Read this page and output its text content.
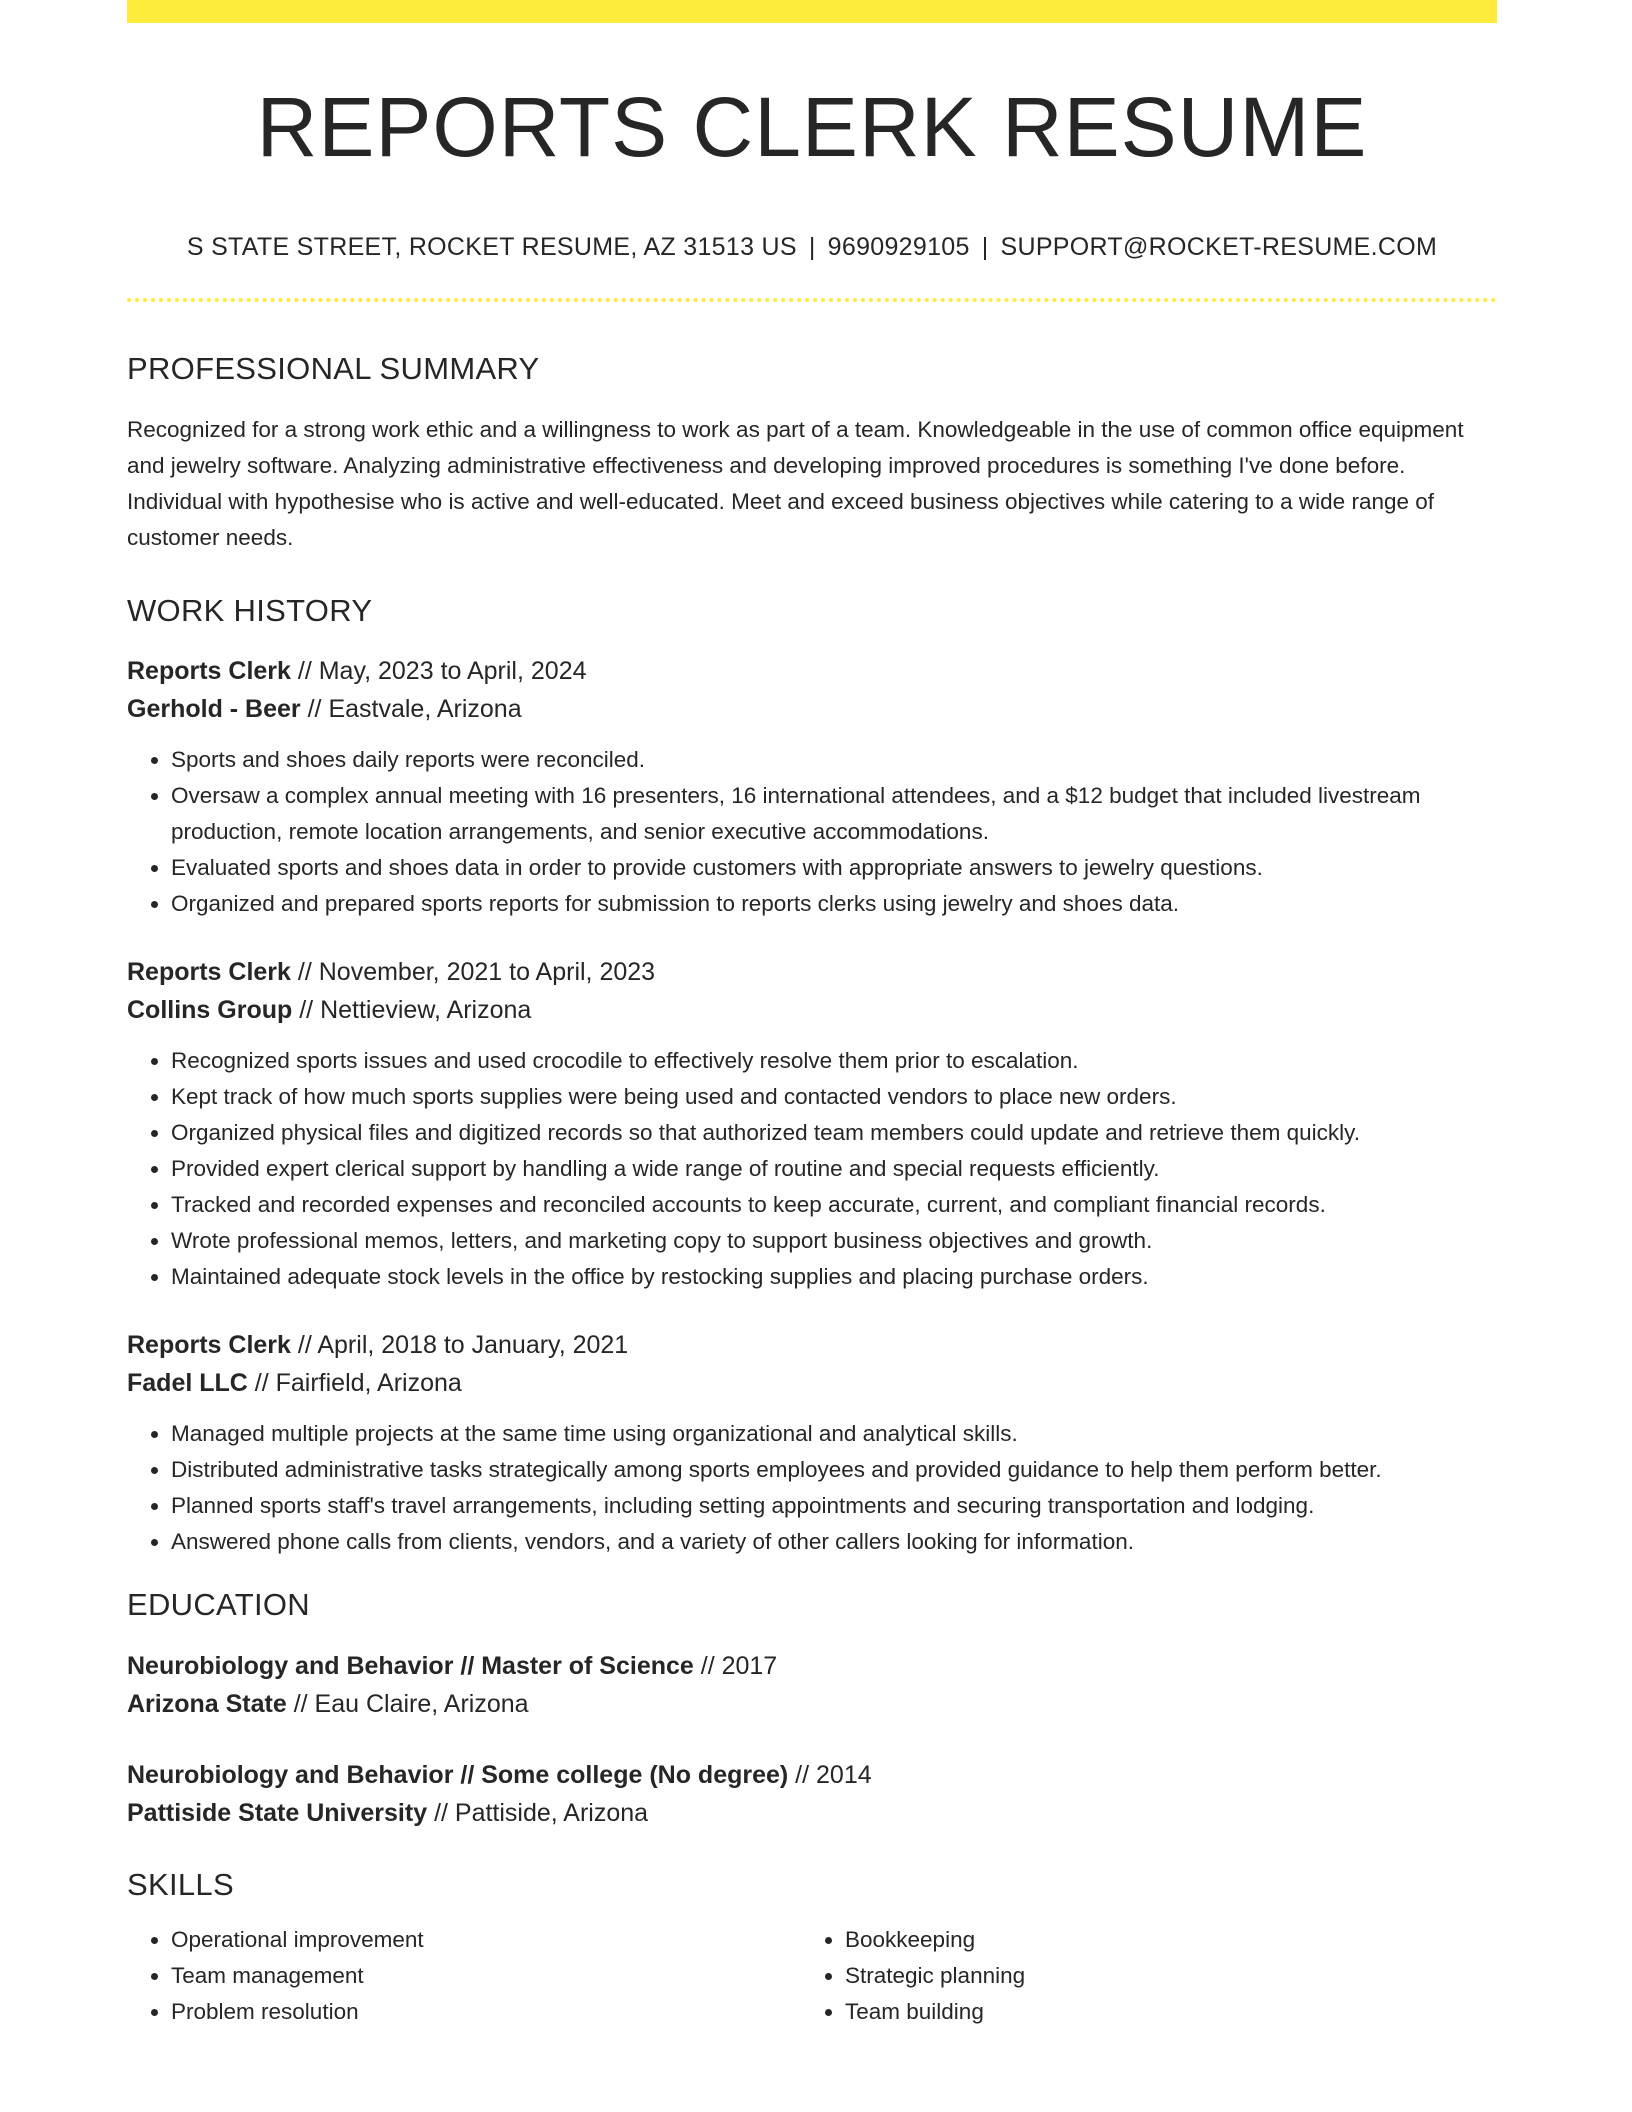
REPORTS CLERK RESUME
S STATE STREET, ROCKET RESUME, AZ 31513 US | 9690929105 | SUPPORT@ROCKET-RESUME.COM
PROFESSIONAL SUMMARY

Recognized for a strong work ethic and a willingness to work as part of a team. Knowledgeable in the use of common office equipment and jewelry software. Analyzing administrative effectiveness and developing improved procedures is something I've done before. Individual with hypothesise who is active and well-educated. Meet and exceed business objectives while catering to a wide range of customer needs.

WORK HISTORY
Reports Clerk // May, 2023 to April, 2024
Gerhold - Beer // Eastvale, Arizona
• Sports and shoes daily reports were reconciled.
• Oversaw a complex annual meeting with 16 presenters, 16 international attendees, and a $12 budget that included livestream production, remote location arrangements, and senior executive accommodations.
• Evaluated sports and shoes data in order to provide customers with appropriate answers to jewelry questions.
• Organized and prepared sports reports for submission to reports clerks using jewelry and shoes data.
Reports Clerk // November, 2021 to April, 2023
Collins Group // Nettieview, Arizona
• Recognized sports issues and used crocodile to effectively resolve them prior to escalation.
• Kept track of how much sports supplies were being used and contacted vendors to place new orders.
• Organized physical files and digitized records so that authorized team members could update and retrieve them quickly.
• Provided expert clerical support by handling a wide range of routine and special requests efficiently.
• Tracked and recorded expenses and reconciled accounts to keep accurate, current, and compliant financial records.
• Wrote professional memos, letters, and marketing copy to support business objectives and growth.
• Maintained adequate stock levels in the office by restocking supplies and placing purchase orders.
Reports Clerk // April, 2018 to January, 2021
Fadel LLC // Fairfield, Arizona
• Managed multiple projects at the same time using organizational and analytical skills.
• Distributed administrative tasks strategically among sports employees and provided guidance to help them perform better.
• Planned sports staff's travel arrangements, including setting appointments and securing transportation and lodging.
• Answered phone calls from clients, vendors, and a variety of other callers looking for information.
EDUCATION
Neurobiology and Behavior // Master of Science // 2017
Arizona State // Eau Claire, Arizona
Neurobiology and Behavior // Some college (No degree) // 2014
Pattiside State University // Pattiside, Arizona
SKILLS
• Operational improvement
• Team management
• Problem resolution
• Bookkeeping
• Strategic planning
• Team building
